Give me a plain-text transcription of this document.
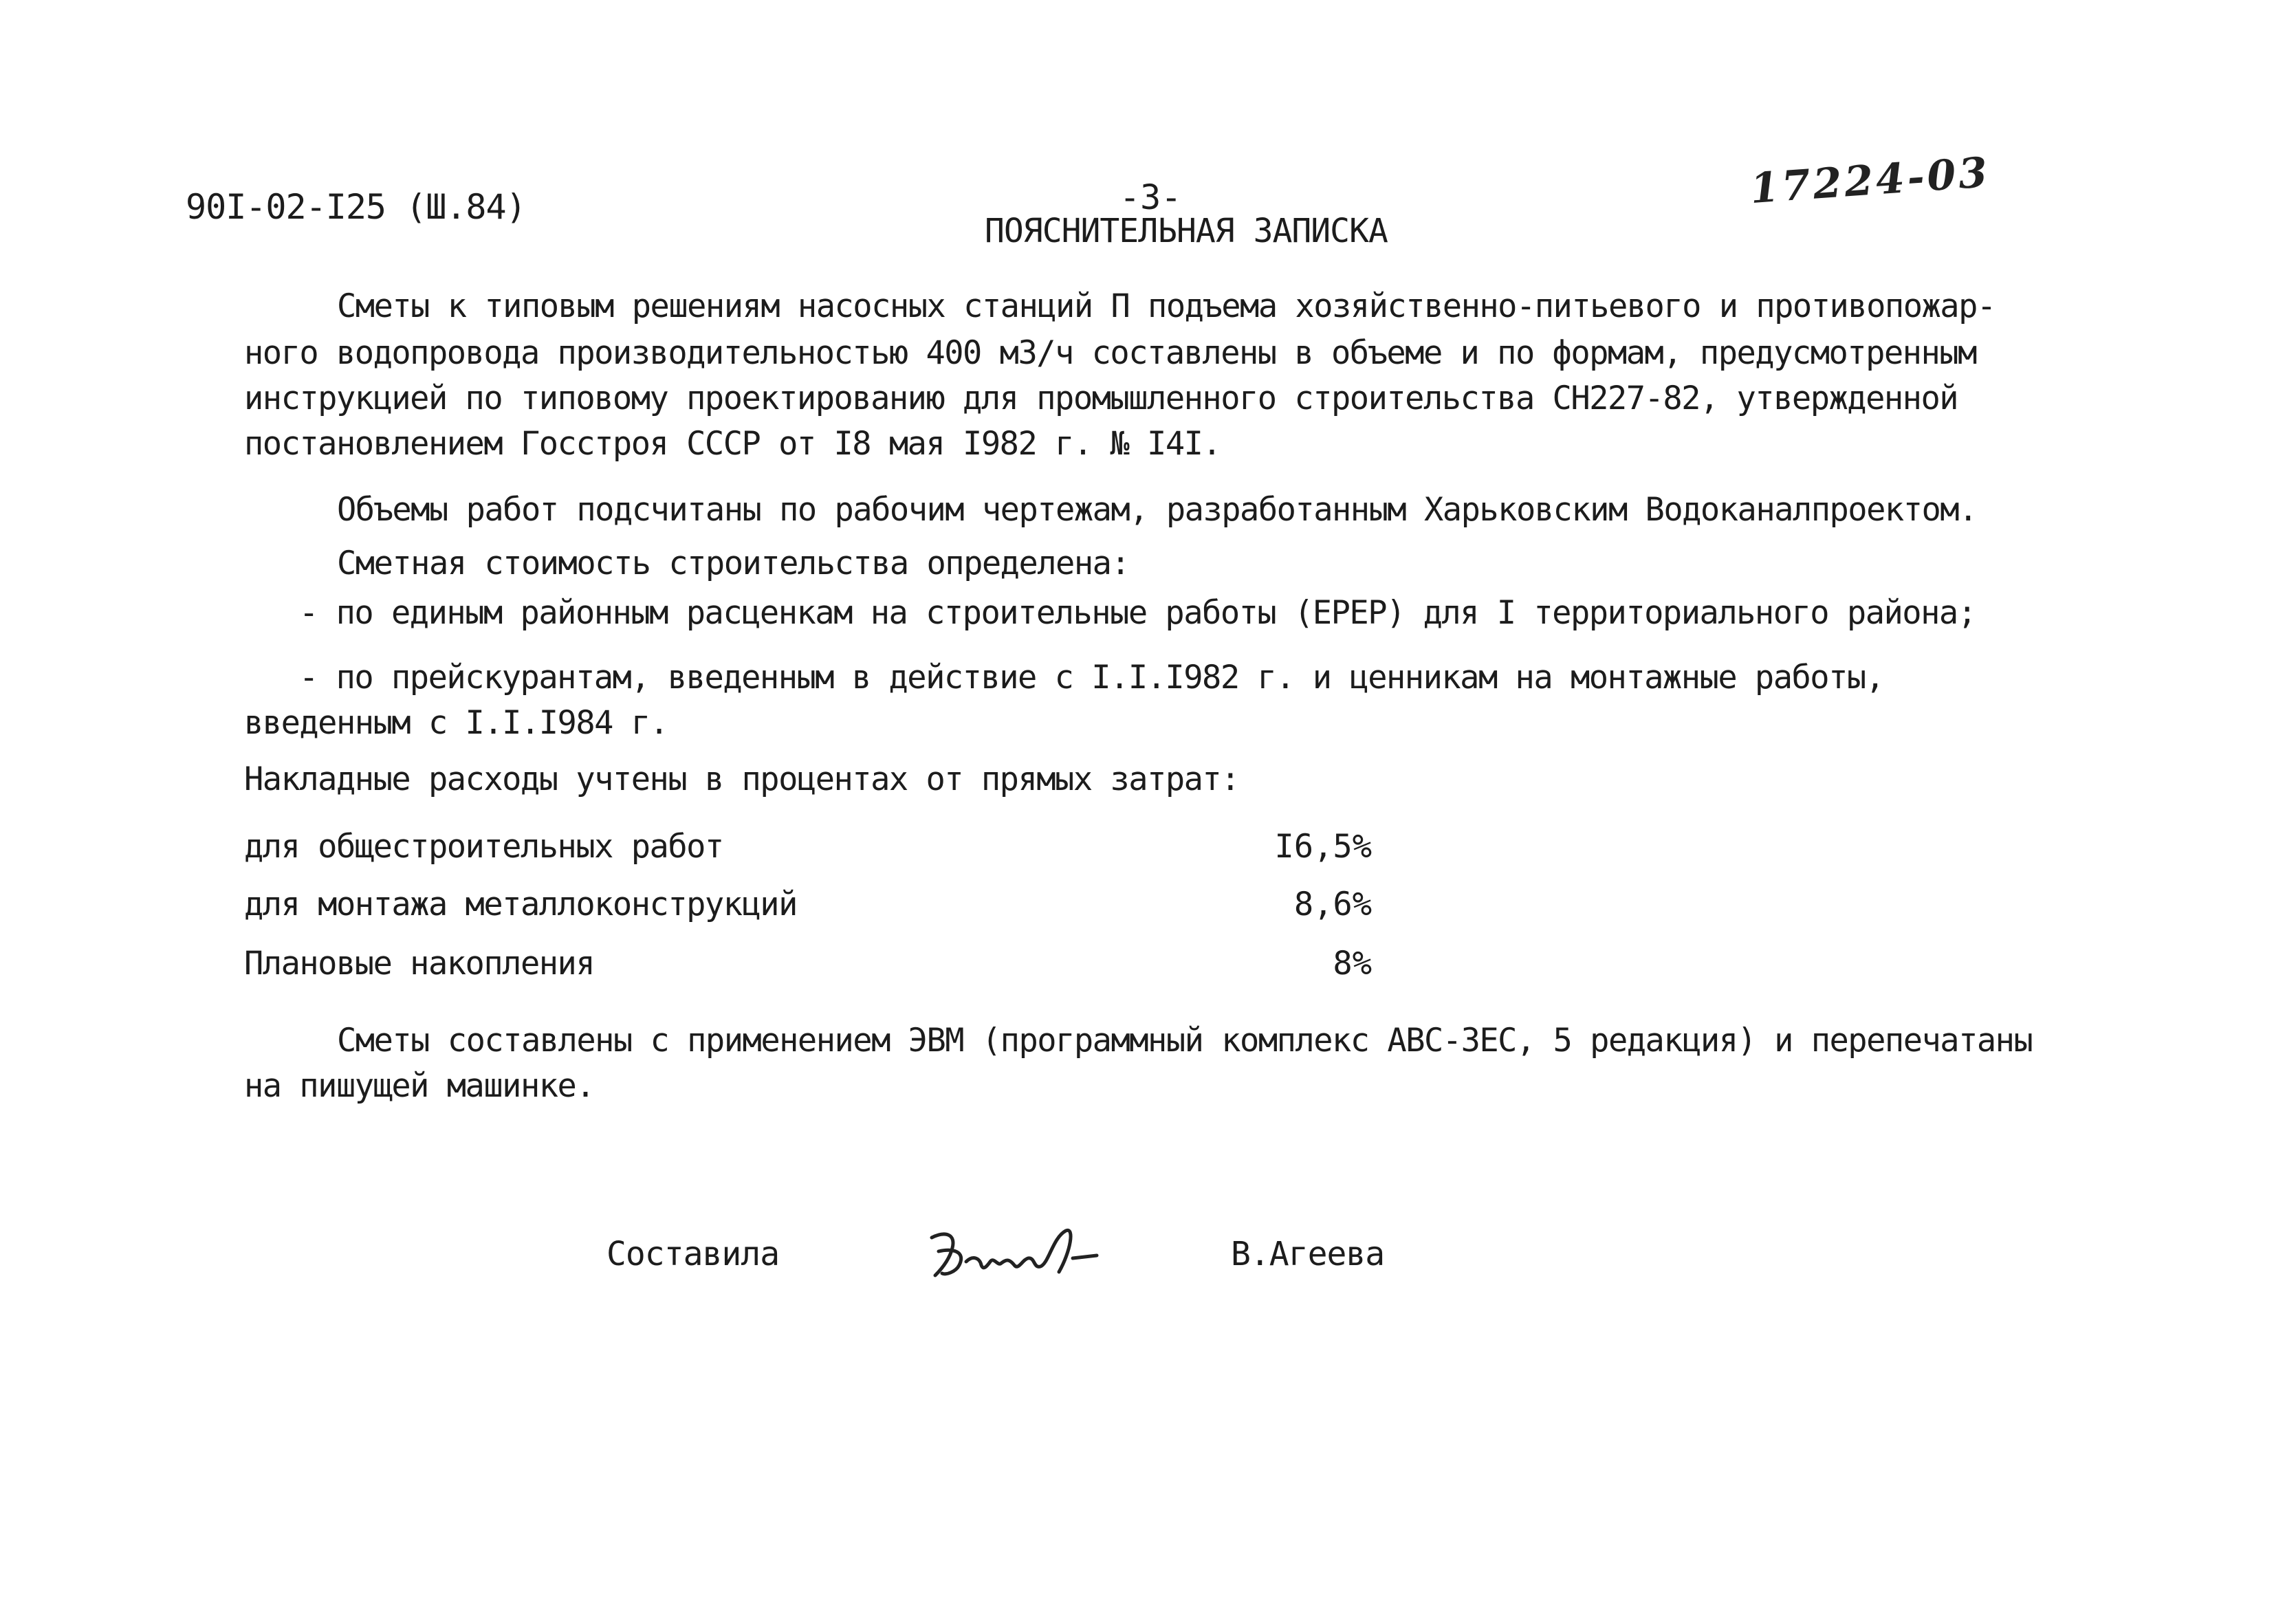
90I-02-I25 (Ш.84)	-3-
ПОЯСНИТЕЛЬНАЯ ЗАПИСКА
17224-03
Сметы к типовым решениям насосных станций П подъема хозяйственно-питьевого и противопожар-
ного водопровода производительностью 400 м3/ч составлены в объеме и по формам, предусмотренным
инструкцией по типовому проектированию для промышленного строительства СН227-82, утвержденной
постановлением Госстроя СССР от I8 мая I982 г. № I4I.
Объемы работ подсчитаны по рабочим чертежам, разработанным Харьковским Водоканалпроектом.
Сметная стоимость строительства определена:
- по единым районным расценкам на строительные работы (ЕРЕР) для I территориального района;
- по прейскурантам, введенным в действие с I.I.I982 г. и ценникам на монтажные работы,
введенным с I.I.I984 г.
Накладные расходы учтены в процентах от прямых затрат:
для общестроительных работ	I6,5%
для монтажа металлоконструкций	8,6%
Плановые накопления	8%
Сметы составлены с применением ЭВМ (программный комплекс АВС-3ЕС, 5 редакция) и перепечатаны
на пишущей машинке.
Составила	В.Агеева
